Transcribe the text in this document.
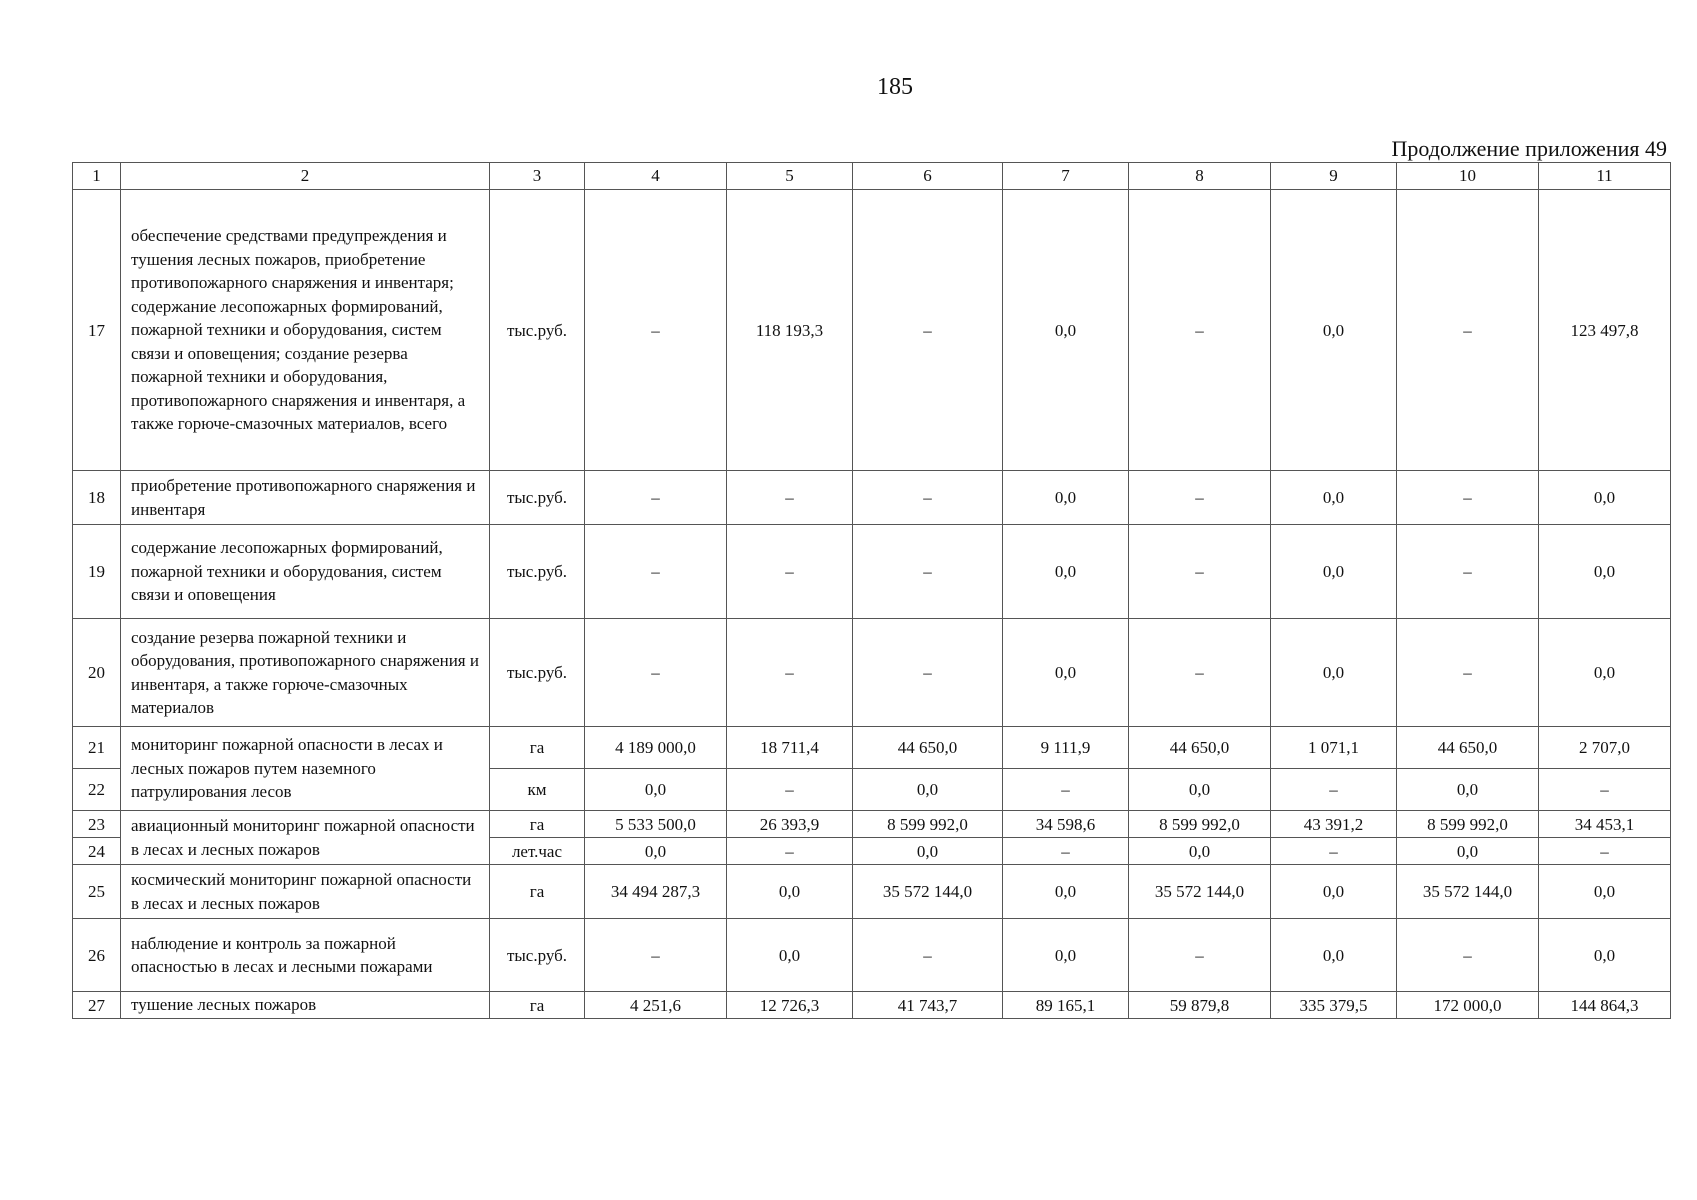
185
Продолжение приложения 49
1	2	3	4	5	6	7	8	9	10	11
17	обеспечение средствами предупреждения и тушения лесных пожаров, приобретение противопожарного снаряжения и инвентаря; содержание лесопожарных формирований, пожарной техники и оборудования, систем связи и оповещения; создание резерва пожарной техники и оборудования, противопожарного снаряжения и инвентаря, а также горюче-смазочных материалов, всего	тыс.руб.	–	118 193,3	–	0,0	–	0,0	–	123 497,8
18	приобретение противопожарного снаряжения и инвентаря	тыс.руб.	–	–	–	0,0	–	0,0	–	0,0
19	содержание лесопожарных формирований, пожарной техники и оборудования, систем связи и оповещения	тыс.руб.	–	–	–	0,0	–	0,0	–	0,0
20	создание резерва пожарной техники и оборудования, противопожарного снаряжения и инвентаря, а также горюче-смазочных материалов	тыс.руб.	–	–	–	0,0	–	0,0	–	0,0
21	мониторинг пожарной опасности в лесах и лесных пожаров путем наземного патрулирования лесов	га	4 189 000,0	18 711,4	44 650,0	9 111,9	44 650,0	1 071,1	44 650,0	2 707,0
22		км	0,0	–	0,0	–	0,0	–	0,0	–
23	авиационный мониторинг пожарной опасности в лесах и лесных пожаров	га	5 533 500,0	26 393,9	8 599 992,0	34 598,6	8 599 992,0	43 391,2	8 599 992,0	34 453,1
24		лет.час	0,0	–	0,0	–	0,0	–	0,0	–
25	космический мониторинг пожарной опасности в лесах и лесных пожаров	га	34 494 287,3	0,0	35 572 144,0	0,0	35 572 144,0	0,0	35 572 144,0	0,0
26	наблюдение и контроль за пожарной опасностью в лесах и лесными пожарами	тыс.руб.	–	0,0	–	0,0	–	0,0	–	0,0
27	тушение лесных пожаров	га	4 251,6	12 726,3	41 743,7	89 165,1	59 879,8	335 379,5	172 000,0	144 864,3
